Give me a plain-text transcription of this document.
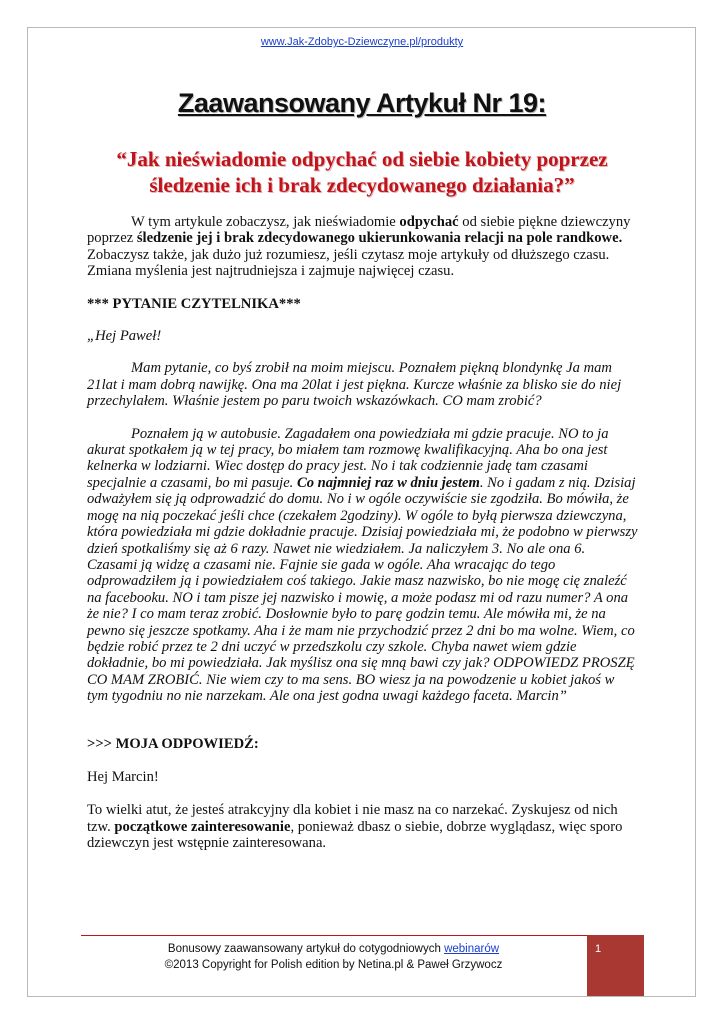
www.Jak-Zdobyc-Dziewczyne.pl/produkty
Zaawansowany Artykuł Nr 19:
“Jak nieświadomie odpychać od siebie kobiety poprzez
śledzenie ich i brak zdecydowanego działania?”

W tym artykule zobaczysz, jak nieświadomie odpychać od siebie piękne dziewczyny poprzez śledzenie jej i brak zdecydowanego ukierunkowania relacji na pole randkowe. Zobaczysz także, jak dużo już rozumiesz, jeśli czytasz moje artykuły od dłuższego czasu. Zmiana myślenia jest najtrudniejsza i zajmuje najwięcej czasu.

*** PYTANIE CZYTELNIKA***

„Hej Paweł!

Mam pytanie, co byś zrobił na moim miejscu. Poznałem piękną blondynkę Ja mam 21lat i mam dobrą nawijkę. Ona ma 20lat i jest piękna. Kurcze właśnie za blisko sie do niej przechylałem. Właśnie jestem po paru twoich wskazówkach. CO mam zrobić?

Poznałem ją w autobusie. Zagadałem ona powiedziała mi gdzie pracuje. NO to ja akurat spotkałem ją w tej pracy, bo miałem tam rozmowę kwalifikacyjną. Aha bo ona jest kelnerka w lodziarni. Wiec dostęp do pracy jest. No i tak codziennie jadę tam czasami specjalnie a czasami, bo mi pasuje. Co najmniej raz w dniu jestem. No i gadam z nią. Dzisiaj odważyłem się ją odprowadzić do domu. No i w ogóle oczywiście sie zgodziła. Bo mówiła, że mogę na nią poczekać jeśli chce (czekałem 2godziny). W ogóle to byłą pierwsza dziewczyna, która powiedziała mi gdzie dokładnie pracuje. Dzisiaj powiedziała mi, że podobno w pierwszy dzień spotkaliśmy się aż 6 razy. Nawet nie wiedziałem. Ja naliczyłem 3. No ale ona 6. Czasami ją widzę a czasami nie. Fajnie sie gada w ogóle. Aha wracając do tego odprowadziłem ją i powiedziałem coś takiego. Jakie masz nazwisko, bo nie mogę cię znaleźć na facebooku. NO i tam pisze jej nazwisko i mowię, a może podasz mi od razu numer? A ona że nie? I co mam teraz zrobić. Dosłownie było to parę godzin temu. Ale mówiła mi, że na pewno się jeszcze spotkamy. Aha i że mam nie przychodzić przez 2 dni bo ma wolne. Wiem, co będzie robić przez te 2 dni uczyć w przedszkolu czy szkole. Chyba nawet wiem gdzie dokładnie, bo mi powiedziała. Jak myślisz ona się mną bawi czy jak? ODPOWIEDZ PROSZĘ CO MAM ZROBIĆ. Nie wiem czy to ma sens. BO wiesz ja na powodzenie u kobiet jakoś w tym tygodniu no nie narzekam. Ale ona jest godna uwagi każdego faceta. Marcin”

>>> MOJA ODPOWIEDŹ:

Hej Marcin!

To wielki atut, że jesteś atrakcyjny dla kobiet i nie masz na co narzekać. Zyskujesz od nich tzw. początkowe zainteresowanie, ponieważ dbasz o siebie, dobrze wyglądasz, więc sporo dziewczyn jest wstępnie zainteresowana.

Bonusowy zaawansowany artykuł do cotygodniowych webinarów
©2013 Copyright for Polish edition by Netina.pl & Paweł Grzywocz
1
